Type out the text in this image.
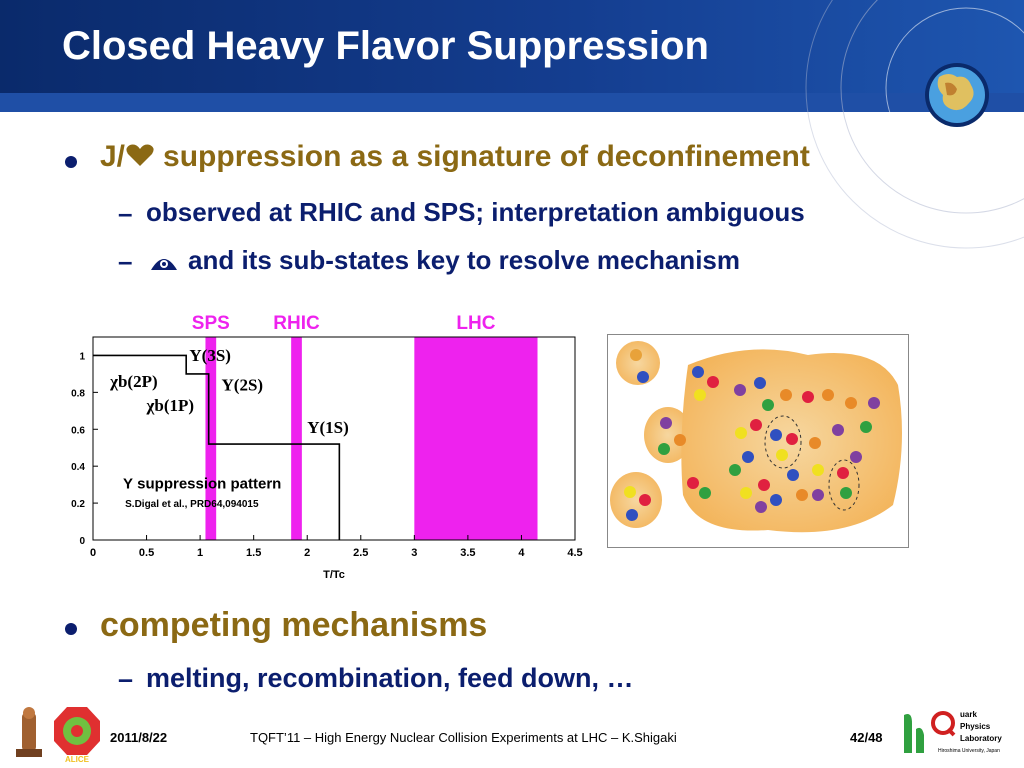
Closed Heavy Flavor Suppression
J/ suppression as a signature of deconfinement
– observed at RHIC and SPS; interpretation ambiguous
– and its sub-states key to resolve mechanism
SPS RHIC	LHC
0	0.5	1	1.5	2	2.5	3	3.5	4	4.5
0
0.2
0.4
0.6
0.8
1
T/Tc
Υ(3S)
χb(2P)	Υ(2S)
χb(1P)
Υ(1S)
Υ suppression pattern
S.Digal et al., PRD64,094015
competing mechanisms
– melting, recombination, feed down, …
ALICE
2011/8/22	TQFT’11 – High Energy Nuclear Collision Experiments at LHC – K.Shigaki	42/48
uark
Physics
Laboratory
Hiroshima University, Japan
